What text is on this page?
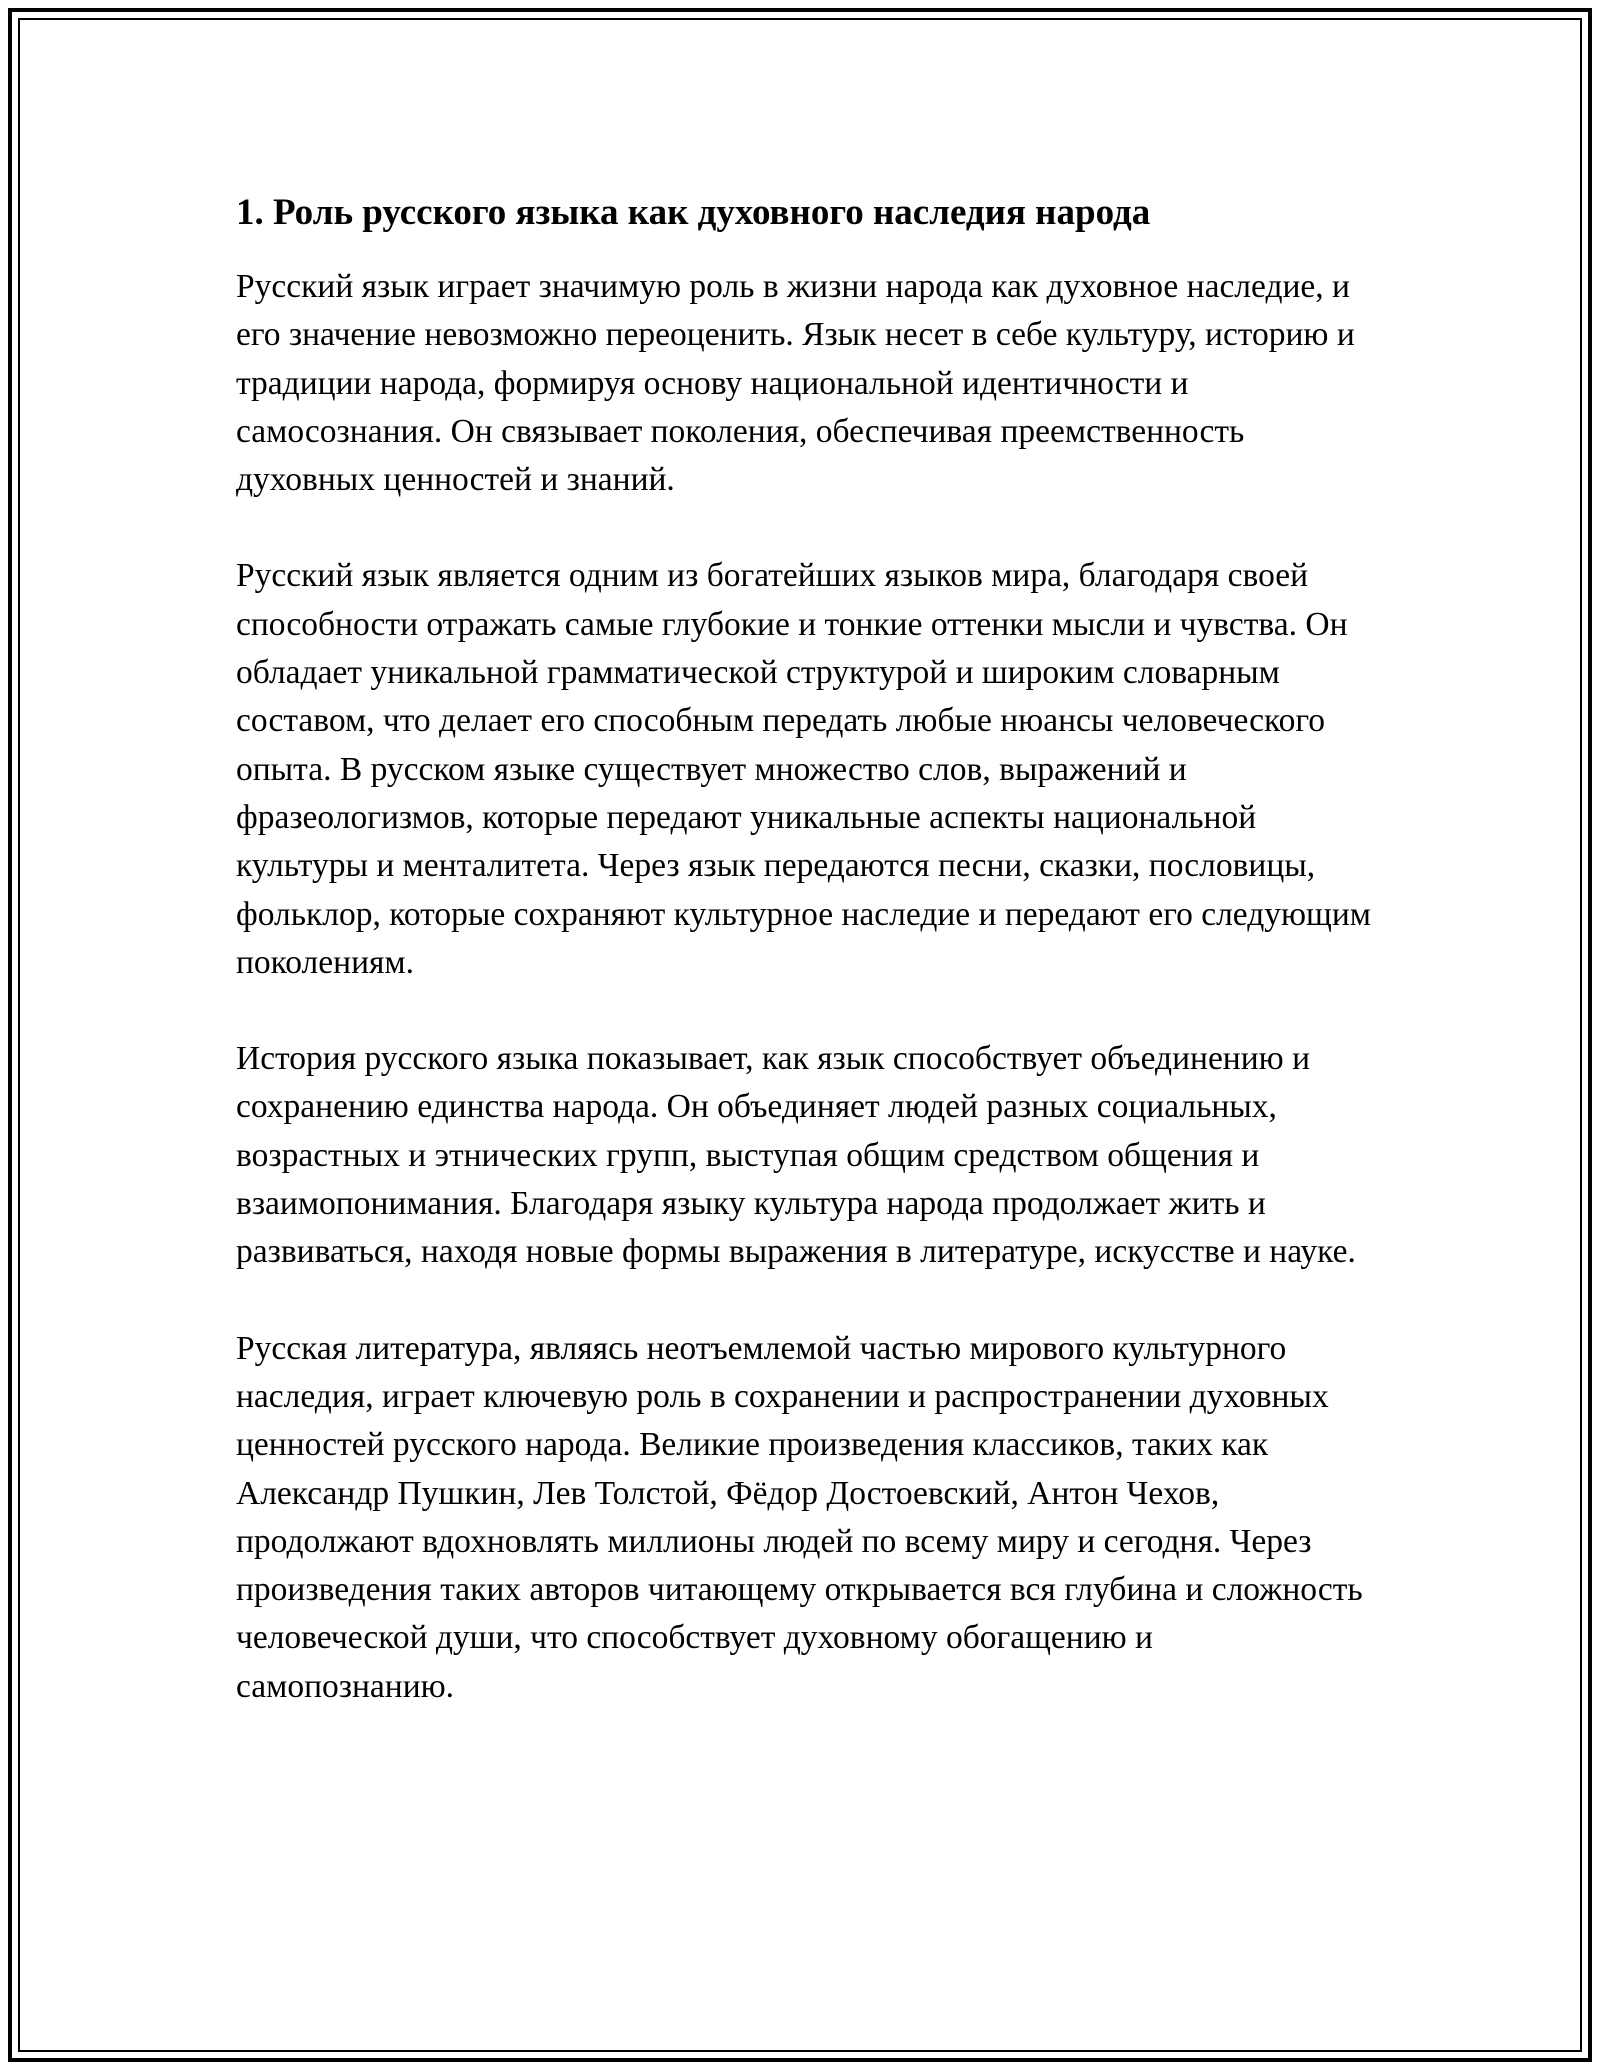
1. Роль русского языка как духовного наследия народа

Русский язык играет значимую роль в жизни народа как духовное наследие, и его значение невозможно переоценить. Язык несет в себе культуру, историю и традиции народа, формируя основу национальной идентичности и самосознания. Он связывает поколения, обеспечивая преемственность духовных ценностей и знаний.

Русский язык является одним из богатейших языков мира, благодаря своей способности отражать самые глубокие и тонкие оттенки мысли и чувства. Он обладает уникальной грамматической структурой и широким словарным составом, что делает его способным передать любые нюансы человеческого опыта. В русском языке существует множество слов, выражений и фразеологизмов, которые передают уникальные аспекты национальной культуры и менталитета. Через язык передаются песни, сказки, пословицы, фольклор, которые сохраняют культурное наследие и передают его следующим поколениям.

История русского языка показывает, как язык способствует объединению и сохранению единства народа. Он объединяет людей разных социальных, возрастных и этнических групп, выступая общим средством общения и взаимопонимания. Благодаря языку культура народа продолжает жить и развиваться, находя новые формы выражения в литературе, искусстве и науке.

Русская литература, являясь неотъемлемой частью мирового культурного наследия, играет ключевую роль в сохранении и распространении духовных ценностей русского народа. Великие произведения классиков, таких как Александр Пушкин, Лев Толстой, Фёдор Достоевский, Антон Чехов, продолжают вдохновлять миллионы людей по всему миру и сегодня. Через произведения таких авторов читающему открывается вся глубина и сложность человеческой души, что способствует духовному обогащению и самопознанию.
